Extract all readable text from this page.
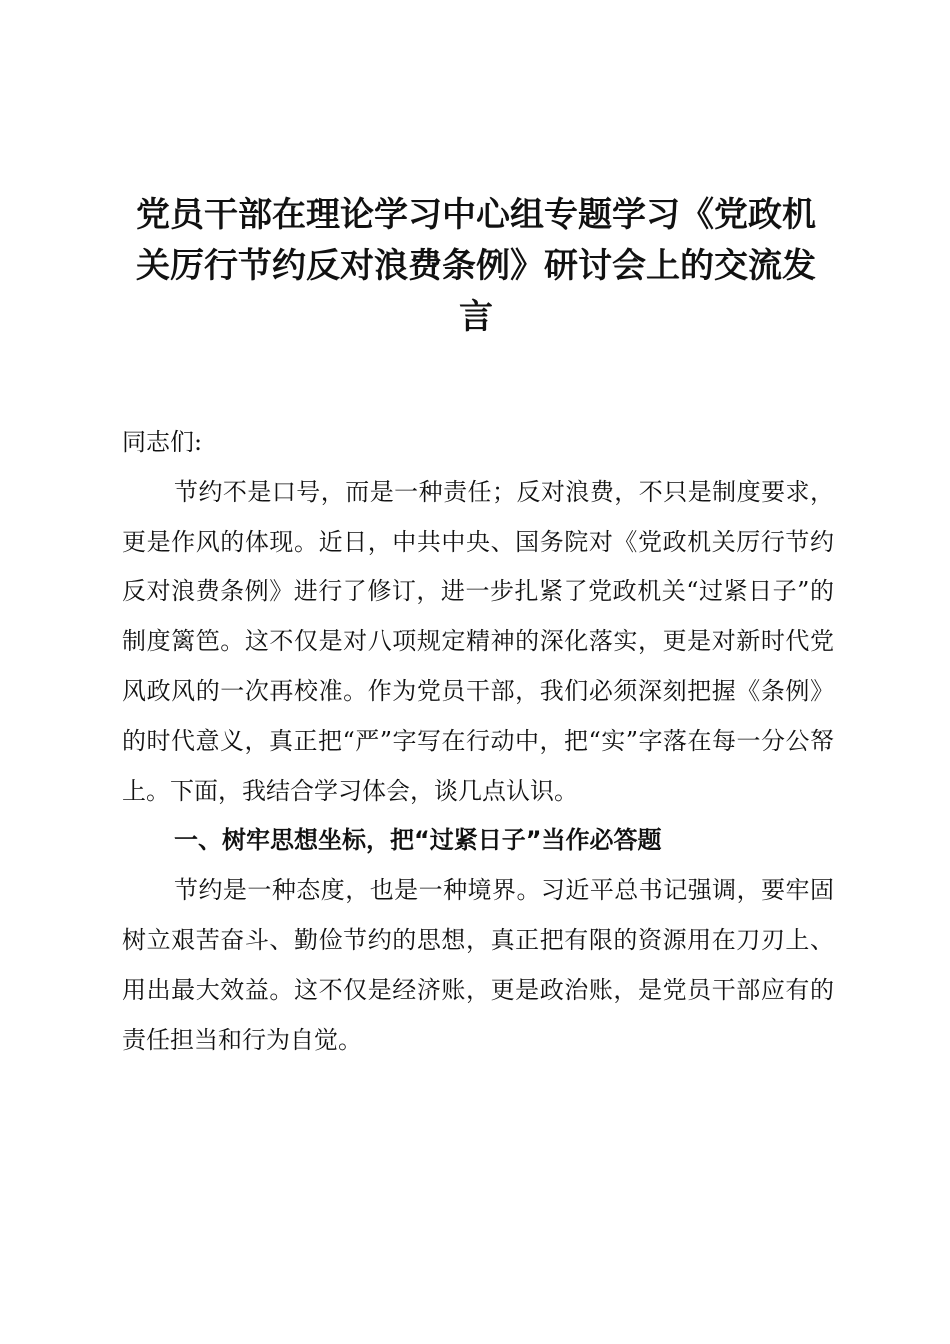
党员干部在理论学习中心组专题学习《党政机关厉行节约反对浪费条例》研讨会上的交流发言

同志们:

节约不是口号，而是一种责任；反对浪费，不只是制度要求，更是作风的体现。近日，中共中央、国务院对《党政机关厉行节约反对浪费条例》进行了修订，进一步扎紧了党政机关“过紧日子”的制度篱笆。这不仅是对八项规定精神的深化落实，更是对新时代党风政风的一次再校准。作为党员干部，我们必须深刻把握《条例》的时代意义，真正把“严”字写在行动中，把“实”字落在每一分公帑上。下面，我结合学习体会，谈几点认识。

一、树牢思想坐标，把“过紧日子”当作必答题

节约是一种态度，也是一种境界。习近平总书记强调，要牢固树立艰苦奋斗、勤俭节约的思想，真正把有限的资源用在刀刃上、用出最大效益。这不仅是经济账，更是政治账，是党员干部应有的责任担当和行为自觉。
